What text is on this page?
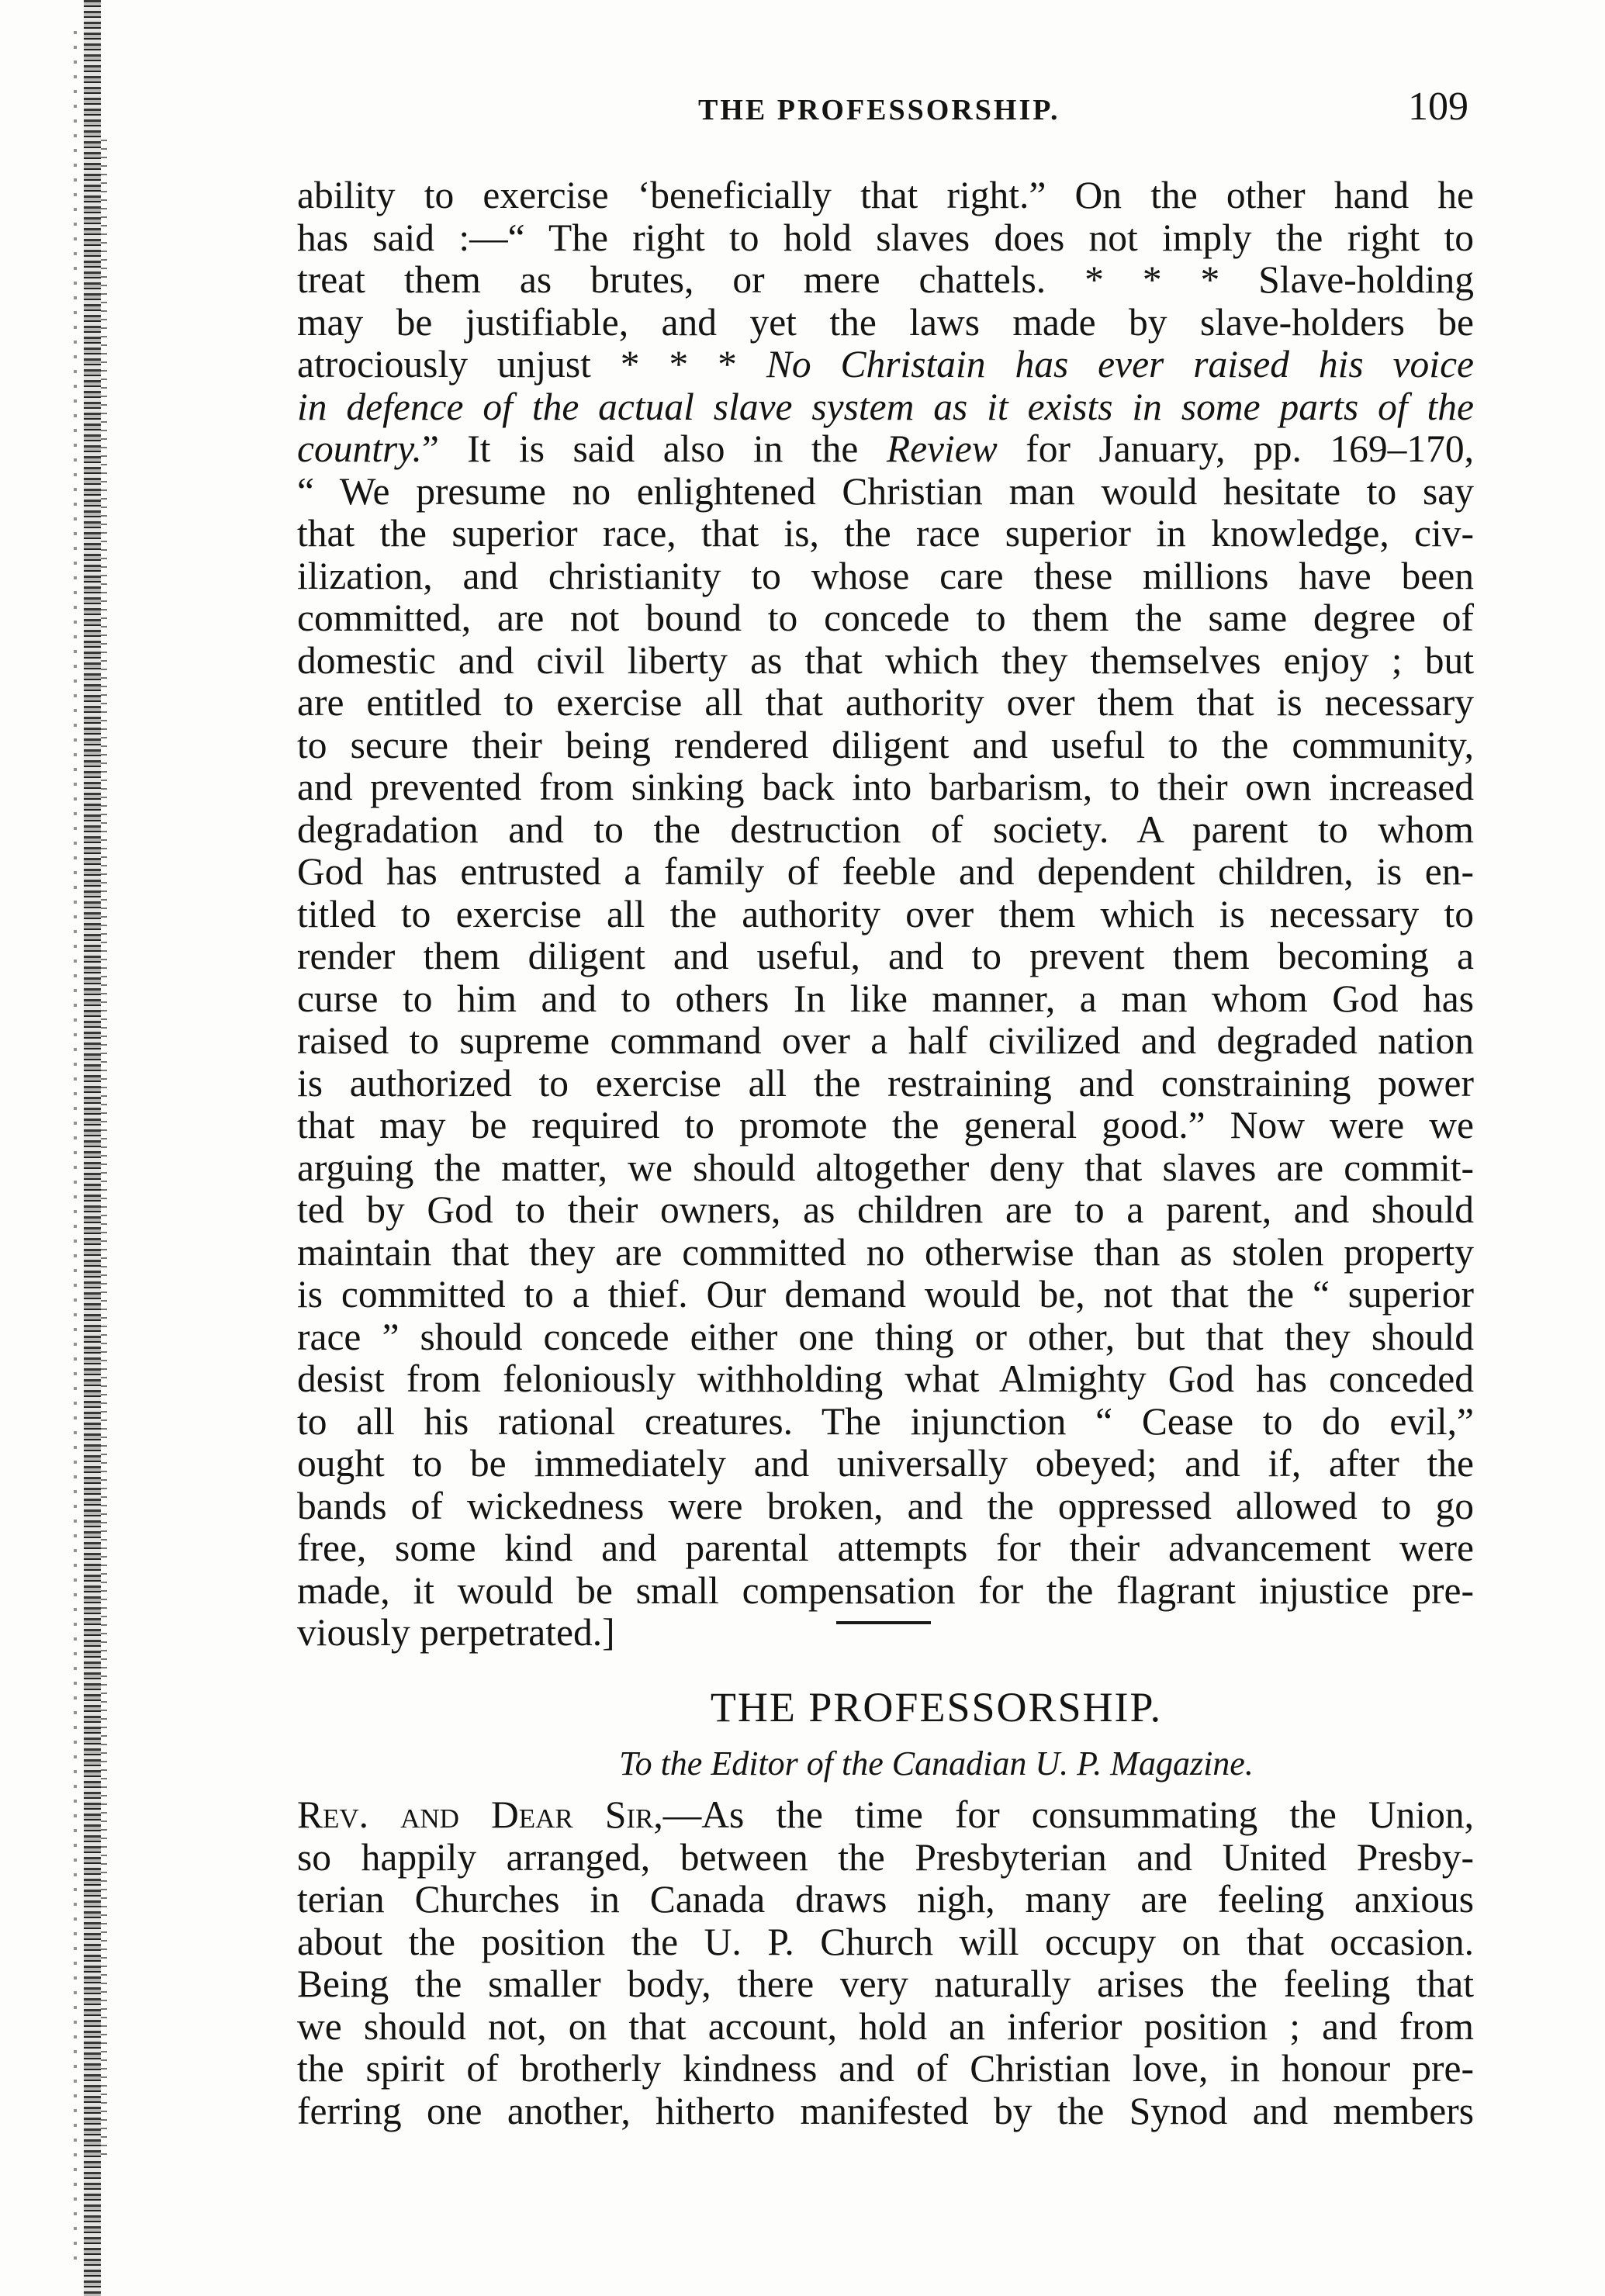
THE PROFESSORSHIP.	109
ability to exercise ‘beneficially that right.” On the other hand he
has said :—“ The right to hold slaves does not imply the right to
treat them as brutes, or mere chattels. * * * Slave-holding
may be justifiable, and yet the laws made by slave-holders be
atrociously unjust * * * No Christain has ever raised his voice
in defence of the actual slave system as it exists in some parts of the
country.” It is said also in the Review for January, pp. 169–170,
“ We presume no enlightened Christian man would hesitate to say
that the superior race, that is, the race superior in knowledge, civ-
ilization, and christianity to whose care these millions have been
committed, are not bound to concede to them the same degree of
domestic and civil liberty as that which they themselves enjoy ; but
are entitled to exercise all that authority over them that is necessary
to secure their being rendered diligent and useful to the community,
and prevented from sinking back into barbarism, to their own increased
degradation and to the destruction of society. A parent to whom
God has entrusted a family of feeble and dependent children, is en-
titled to exercise all the authority over them which is necessary to
render them diligent and useful, and to prevent them becoming a
curse to him and to others In like manner, a man whom God has
raised to supreme command over a half civilized and degraded nation
is authorized to exercise all the restraining and constraining power
that may be required to promote the general good.” Now were we
arguing the matter, we should altogether deny that slaves are commit-
ted by God to their owners, as children are to a parent, and should
maintain that they are committed no otherwise than as stolen property
is committed to a thief. Our demand would be, not that the “ superior
race ” should concede either one thing or other, but that they should
desist from feloniously withholding what Almighty God has conceded
to all his rational creatures. The injunction “ Cease to do evil,”
ought to be immediately and universally obeyed; and if, after the
bands of wickedness were broken, and the oppressed allowed to go
free, some kind and parental attempts for their advancement were
made, it would be small compensation for the flagrant injustice pre-
viously perpetrated.]
THE PROFESSORSHIP.
To the Editor of the Canadian U. P. Magazine.
Rev. and Dear Sir,—As the time for consummating the Union,
so happily arranged, between the Presbyterian and United Presby-
terian Churches in Canada draws nigh, many are feeling anxious
about the position the U. P. Church will occupy on that occasion.
Being the smaller body, there very naturally arises the feeling that
we should not, on that account, hold an inferior position ; and from
the spirit of brotherly kindness and of Christian love, in honour pre-
ferring one another, hitherto manifested by the Synod and members
